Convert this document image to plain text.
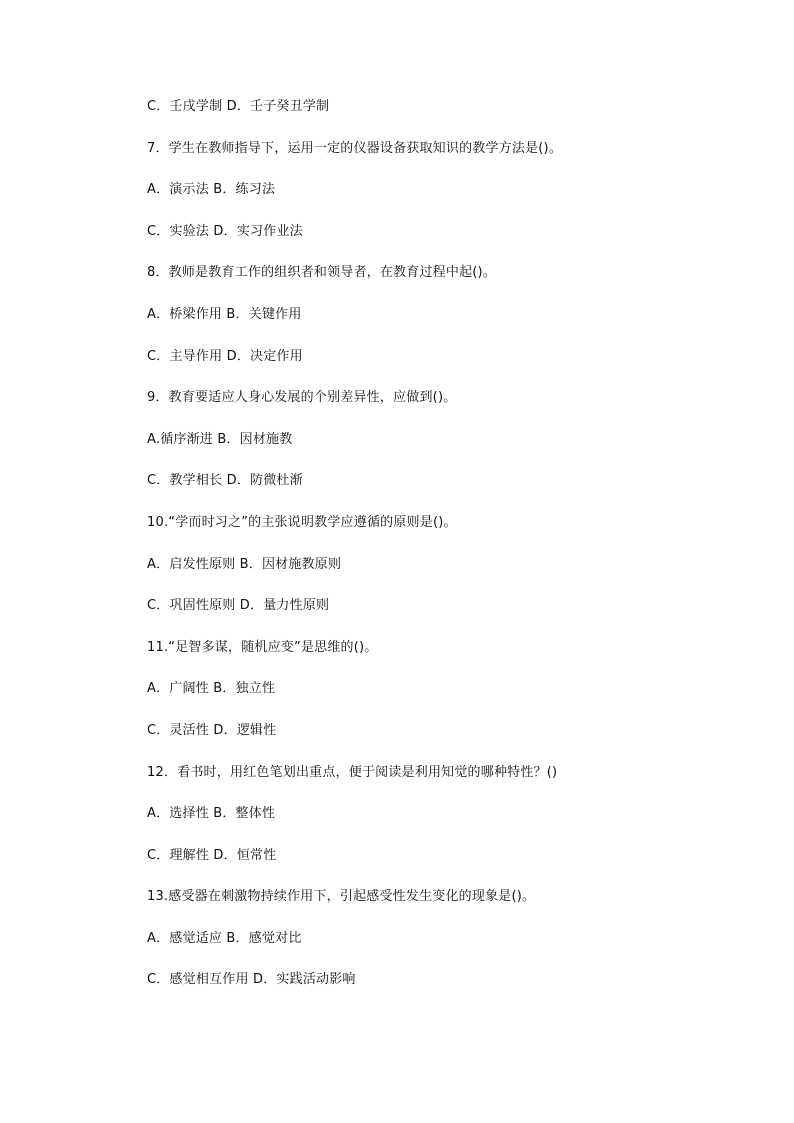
C．壬戌学制 D．壬子癸丑学制

7．学生在教师指导下，运用一定的仪器设备获取知识的教学方法是()。

A．演示法 B．练习法

C．实验法 D．实习作业法

8．教师是教育工作的组织者和领导者，在教育过程中起()。

A．桥梁作用 B．关键作用

C．主导作用 D．决定作用

9．教育要适应人身心发展的个别差异性，应做到()。

A.循序渐进 B．因材施教

C．教学相长 D．防微杜渐

10.“学而时习之”的主张说明教学应遵循的原则是()。

A．启发性原则 B．因材施教原则

C．巩固性原则 D．量力性原则

11.“足智多谋，随机应变”是思维的()。

A．广阔性 B．独立性

C．灵活性 D．逻辑性

12．看书时，用红色笔划出重点，便于阅读是利用知觉的哪种特性？()

A．选择性 B．整体性

C．理解性 D．恒常性

13.感受器在刺激物持续作用下，引起感受性发生变化的现象是()。

A．感觉适应 B．感觉对比

C．感觉相互作用 D．实践活动影响
